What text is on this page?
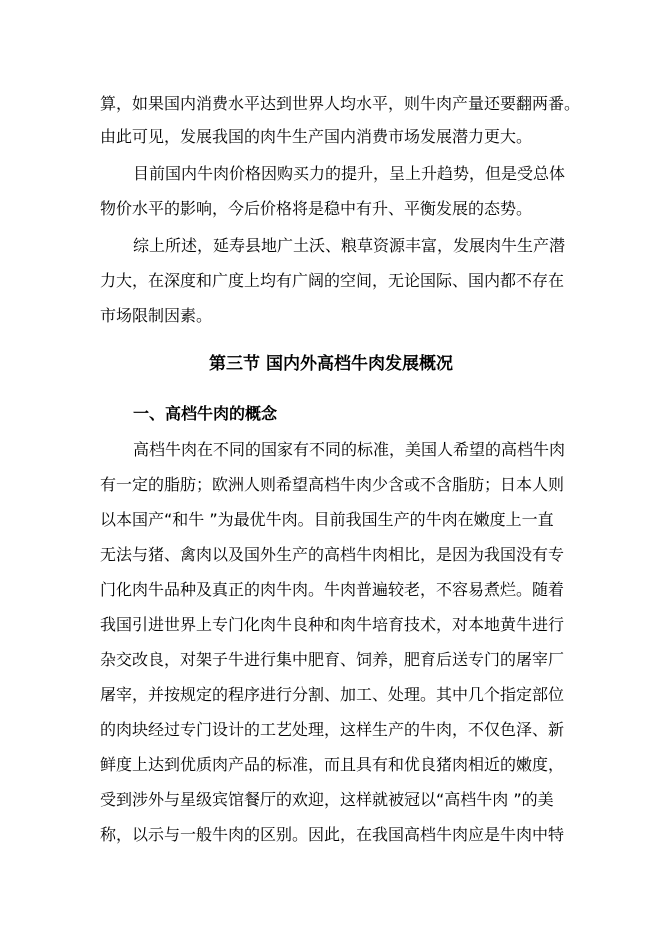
算，如果国内消费水平达到世界人均水平，则牛肉产量还要翻两番。
由此可见，发展我国的肉牛生产国内消费市场发展潜力更大。
目前国内牛肉价格因购买力的提升，呈上升趋势，但是受总体
物价水平的影响，今后价格将是稳中有升、平衡发展的态势。
综上所述，延寿县地广土沃、粮草资源丰富，发展肉牛生产潜
力大，在深度和广度上均有广阔的空间，无论国际、国内都不存在
市场限制因素。
第三节 国内外高档牛肉发展概况
一、高档牛肉的概念
高档牛肉在不同的国家有不同的标准，美国人希望的高档牛肉
有一定的脂肪；欧洲人则希望高档牛肉少含或不含脂肪；日本人则
以本国产“和牛 ”为最优牛肉。目前我国生产的牛肉在嫩度上一直
无法与猪、禽肉以及国外生产的高档牛肉相比，是因为我国没有专
门化肉牛品种及真正的肉牛肉。牛肉普遍较老，不容易煮烂。随着
我国引进世界上专门化肉牛良种和肉牛培育技术，对本地黄牛进行
杂交改良，对架子牛进行集中肥育、饲养，肥育后送专门的屠宰厂
屠宰，并按规定的程序进行分割、加工、处理。其中几个指定部位
的肉块经过专门设计的工艺处理，这样生产的牛肉，不仅色泽、新
鲜度上达到优质肉产品的标准，而且具有和优良猪肉相近的嫩度，
受到涉外与星级宾馆餐厅的欢迎，这样就被冠以“高档牛肉 ”的美
称，以示与一般牛肉的区别。因此，在我国高档牛肉应是牛肉中特
